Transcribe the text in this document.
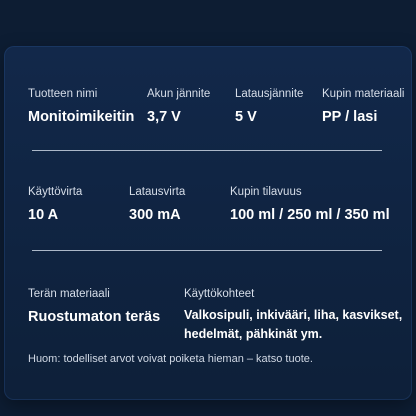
Tuotteen nimi
Monitoimikeitin
Akun jännite
3,7 V
Latausjännite
5 V
Kupin materiaali
PP / lasi
Käyttövirta
10 A
Latausvirta
300 mA
Kupin tilavuus
100 ml / 250 ml / 350 ml
Terän materiaali
Ruostumaton teräs
Käyttökohteet
Valkosipuli, inkivääri, liha, kasvikset, hedelmät, pähkinät ym.
Huom: todelliset arvot voivat poiketa hieman – katso tuote.
